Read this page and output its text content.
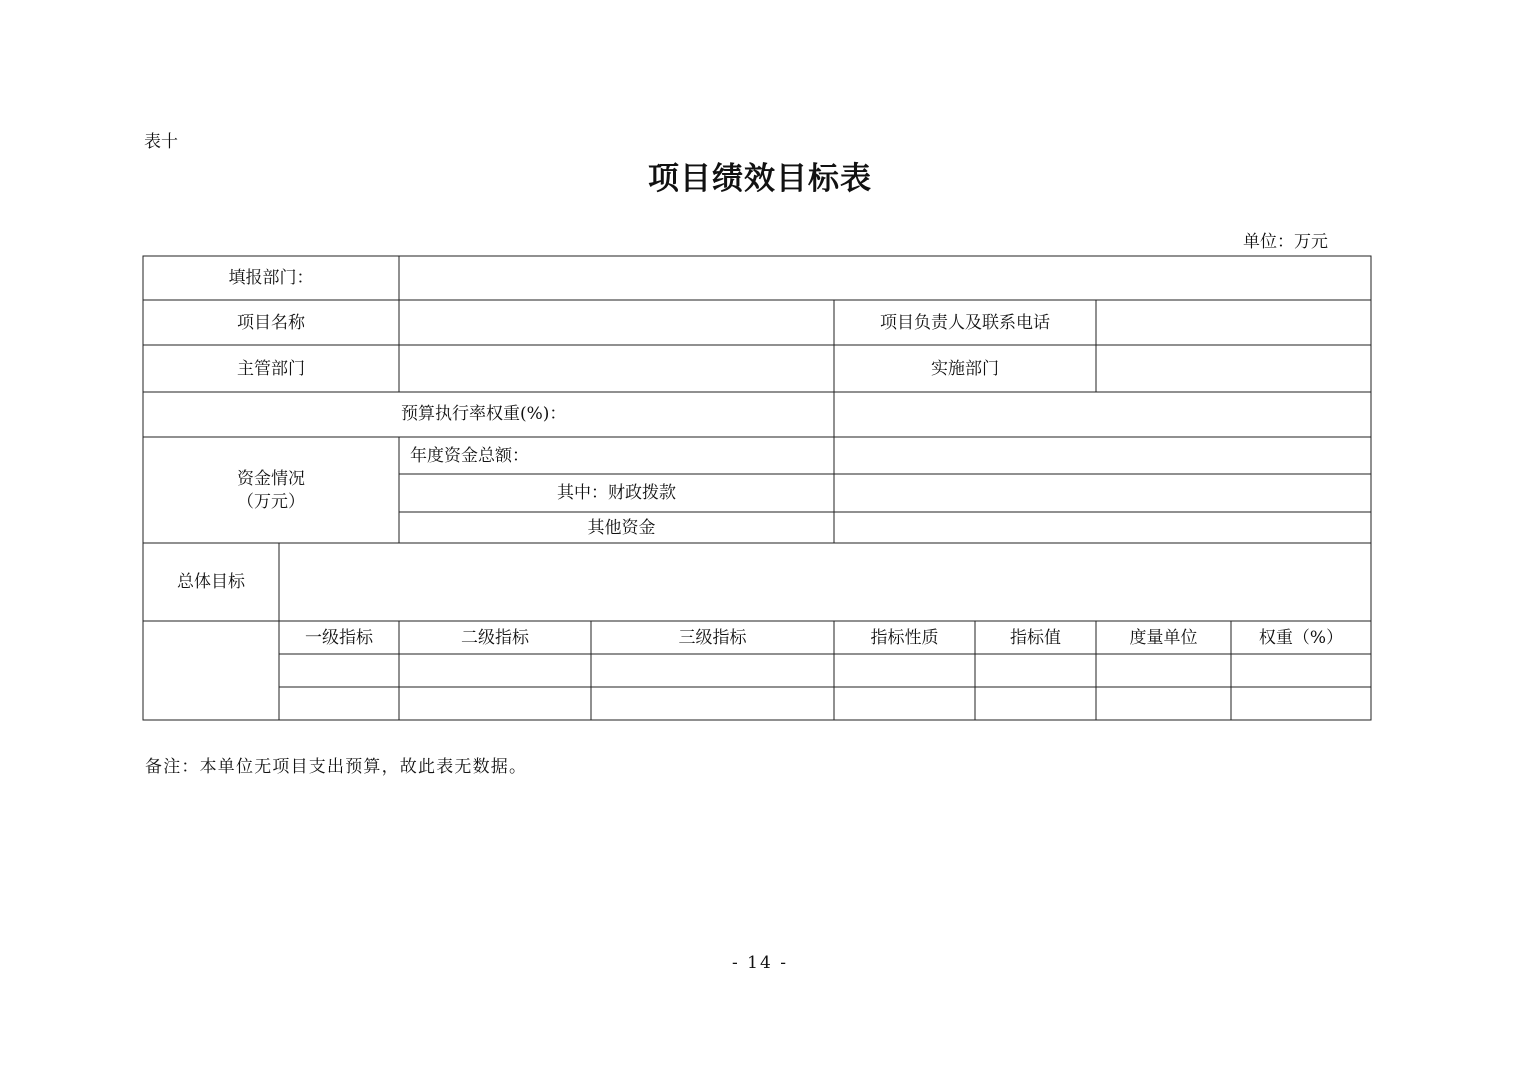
表十
项目绩效目标表
单位：万元
填报部门：
项目名称	项目负责人及联系电话
主管部门	实施部门
预算执行率权重(%)：
资金情况
（万元）
年度资金总额：
其中：财政拨款
其他资金
总体目标
一级指标	二级指标	三级指标	指标性质	指标值	度量单位	权重（%）
备注：本单位无项目支出预算，故此表无数据。
- 14 -
